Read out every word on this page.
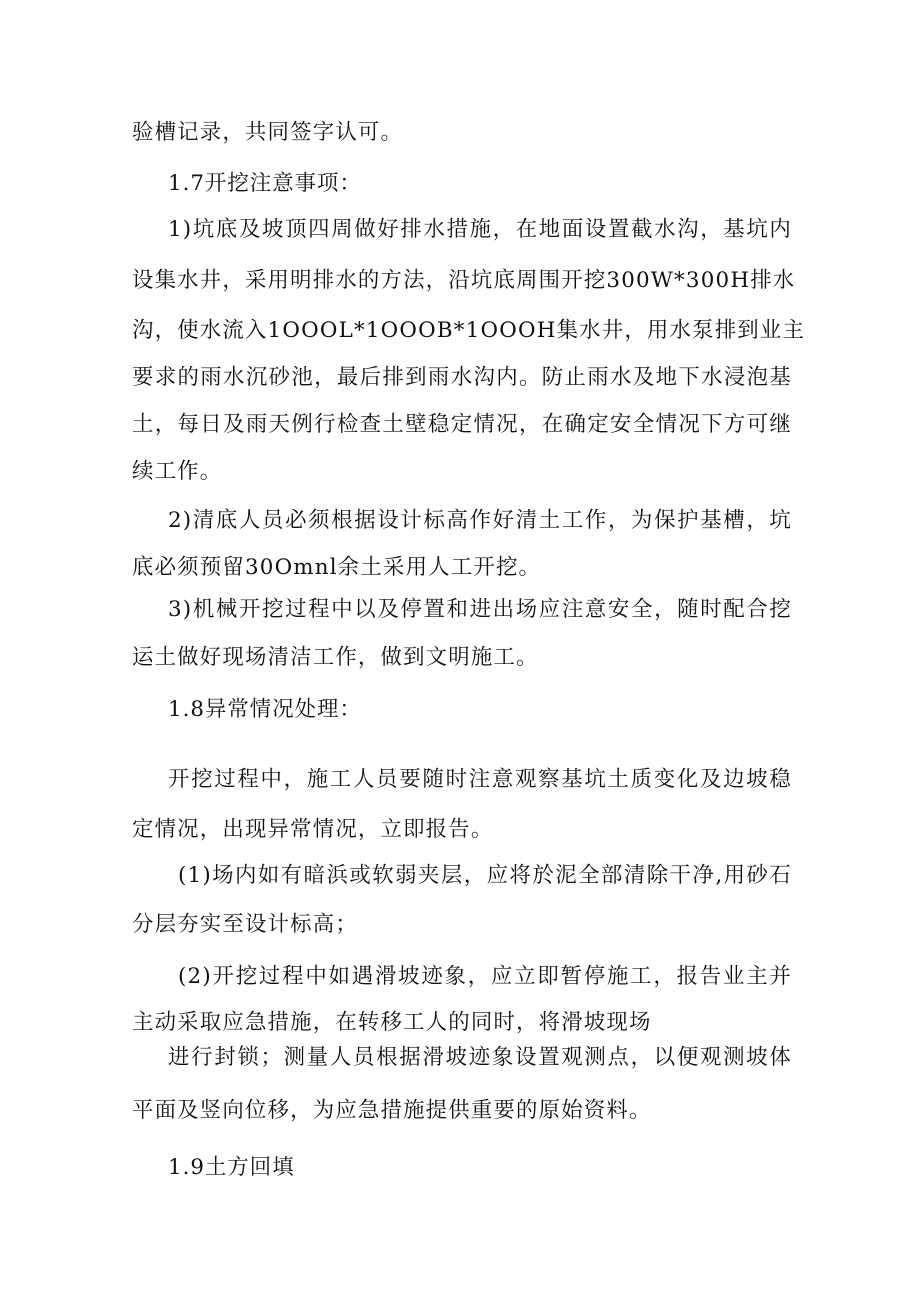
验槽记录，共同签字认可。
1.7开挖注意事项：
1)坑底及坡顶四周做好排水措施，在地面设置截水沟，基坑内
设集水井，采用明排水的方法，沿坑底周围开挖300W*300H排水
沟，使水流入1OOOL*1OOOB*1OOOH集水井，用水泵排到业主
要求的雨水沉砂池，最后排到雨水沟内。防止雨水及地下水浸泡基
土，每日及雨天例行检查土壁稳定情况，在确定安全情况下方可继
续工作。
2)清底人员必须根据设计标高作好清土工作，为保护基槽，坑
底必须预留30Omnl余土采用人工开挖。
3)机械开挖过程中以及停置和进出场应注意安全，随时配合挖
运土做好现场清洁工作，做到文明施工。
1.8异常情况处理：
开挖过程中，施工人员要随时注意观察基坑土质变化及边坡稳
定情况，出现异常情况，立即报告。
(1)场内如有暗浜或软弱夹层，应将於泥全部清除干净,用砂石
分层夯实至设计标高；
(2)开挖过程中如遇滑坡迹象，应立即暂停施工，报告业主并
主动采取应急措施，在转移工人的同时，将滑坡现场
进行封锁；测量人员根据滑坡迹象设置观测点，以便观测坡体
平面及竖向位移，为应急措施提供重要的原始资料。
1.9土方回填
